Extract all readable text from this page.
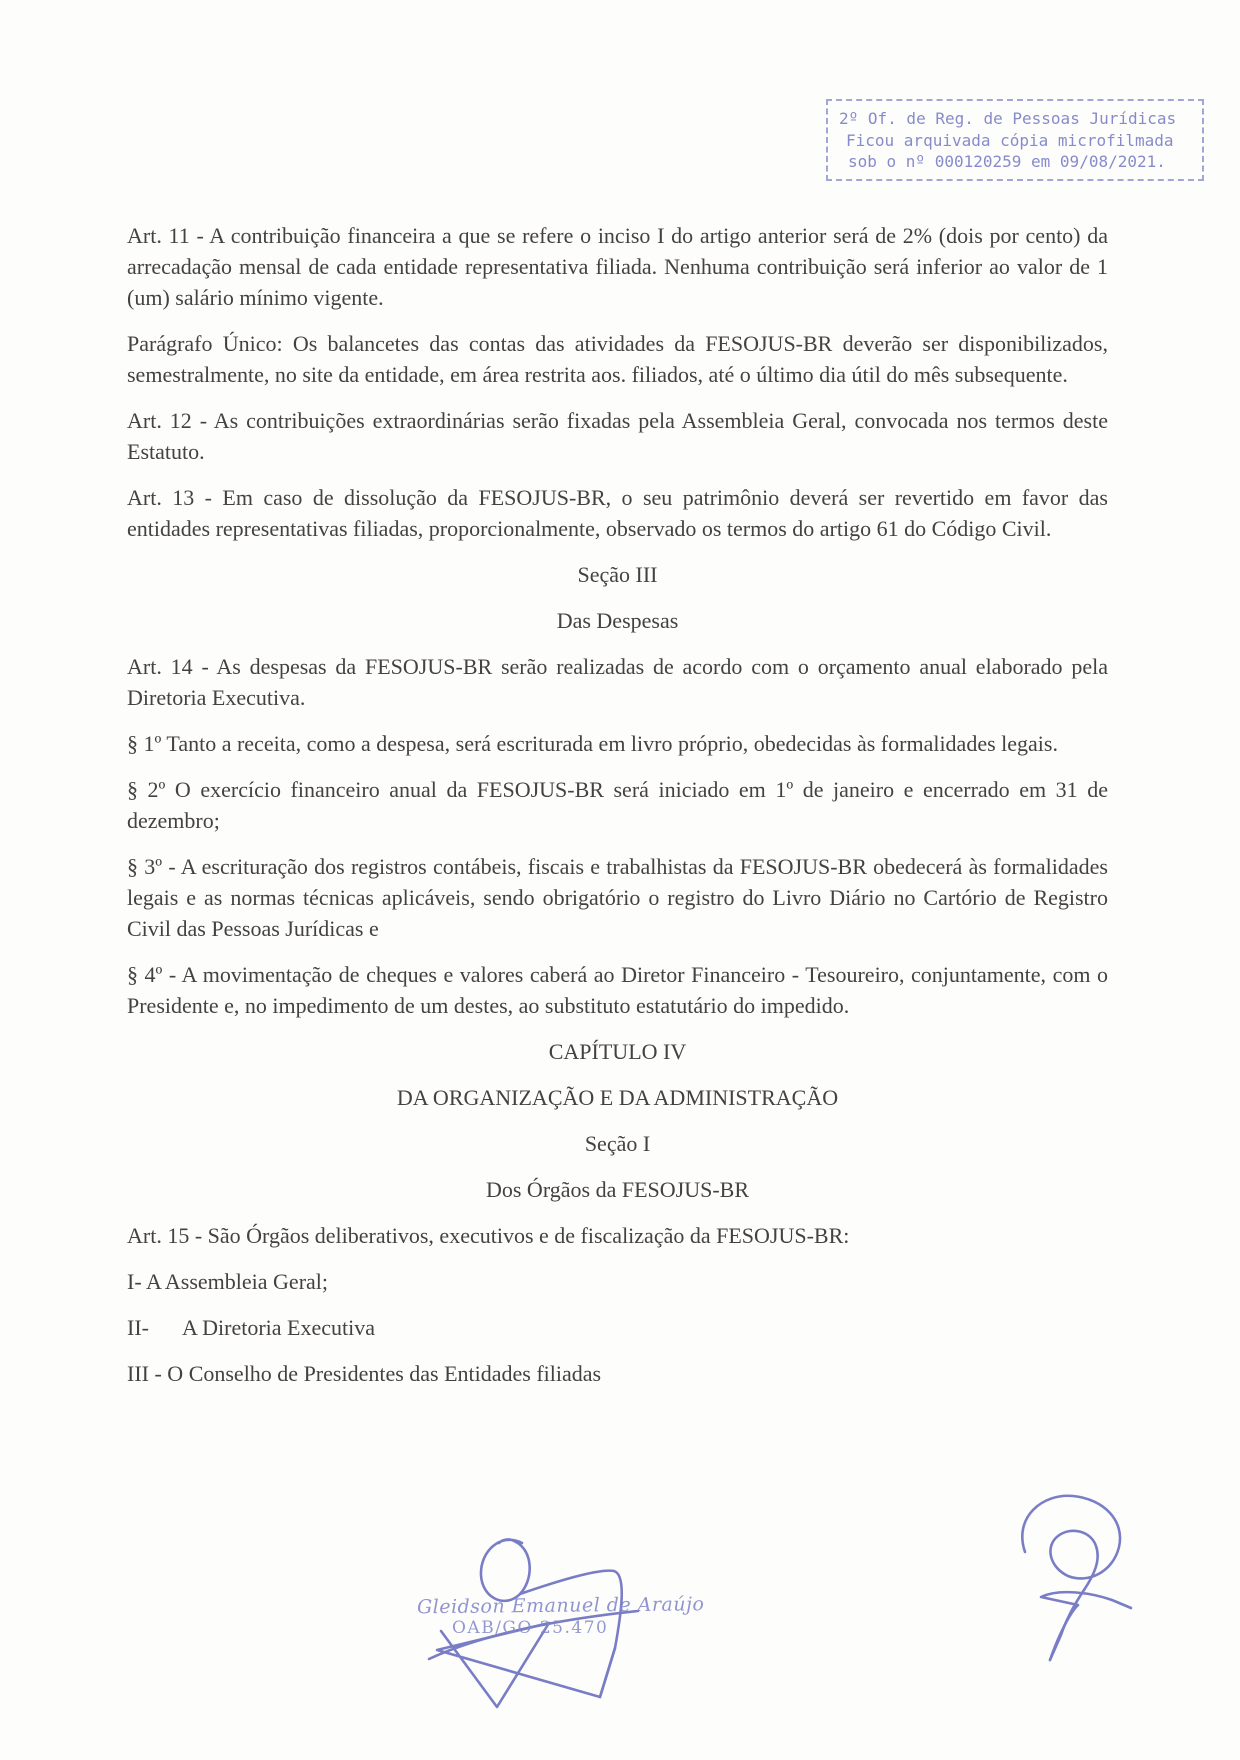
2º Of. de Reg. de Pessoas Jurídicas
Ficou arquivada cópia microfilmada
sob o nº 000120259 em 09/08/2021.

Art. 11 - A contribuição financeira a que se refere o inciso I do artigo anterior será de 2% (dois por cento) da arrecadação mensal de cada entidade representativa filiada. Nenhuma contribuição será inferior ao valor de 1 (um) salário mínimo vigente.

Parágrafo Único: Os balancetes das contas das atividades da FESOJUS-BR deverão ser disponibilizados, semestralmente, no site da entidade, em área restrita aos. filiados, até o último dia útil do mês subsequente.

Art. 12 - As contribuições extraordinárias serão fixadas pela Assembleia Geral, convocada nos termos deste Estatuto.

Art. 13 - Em caso de dissolução da FESOJUS-BR, o seu patrimônio deverá ser revertido em favor das entidades representativas filiadas, proporcionalmente, observado os termos do artigo 61 do Código Civil.

Seção III

Das Despesas

Art. 14 - As despesas da FESOJUS-BR serão realizadas de acordo com o orçamento anual elaborado pela Diretoria Executiva.

§ 1º Tanto a receita, como a despesa, será escriturada em livro próprio, obedecidas às formalidades legais.

§ 2º O exercício financeiro anual da FESOJUS-BR será iniciado em 1º de janeiro e encerrado em 31 de dezembro;

§ 3º - A escrituração dos registros contábeis, fiscais e trabalhistas da FESOJUS-BR obedecerá às formalidades legais e as normas técnicas aplicáveis, sendo obrigatório o registro do Livro Diário no Cartório de Registro Civil das Pessoas Jurídicas e

§ 4º - A movimentação de cheques e valores caberá ao Diretor Financeiro - Tesoureiro, conjuntamente, com o Presidente e, no impedimento de um destes, ao substituto estatutário do impedido.

CAPÍTULO IV

DA ORGANIZAÇÃO E DA ADMINISTRAÇÃO

Seção I

Dos Órgãos da FESOJUS-BR

Art. 15 - São Órgãos deliberativos, executivos e de fiscalização da FESOJUS-BR:

I- A Assembleia Geral;

II-      A Diretoria Executiva

III - O Conselho de Presidentes das Entidades filiadas

Gleidson Emanuel de Araújo
OAB/GO 25.470
